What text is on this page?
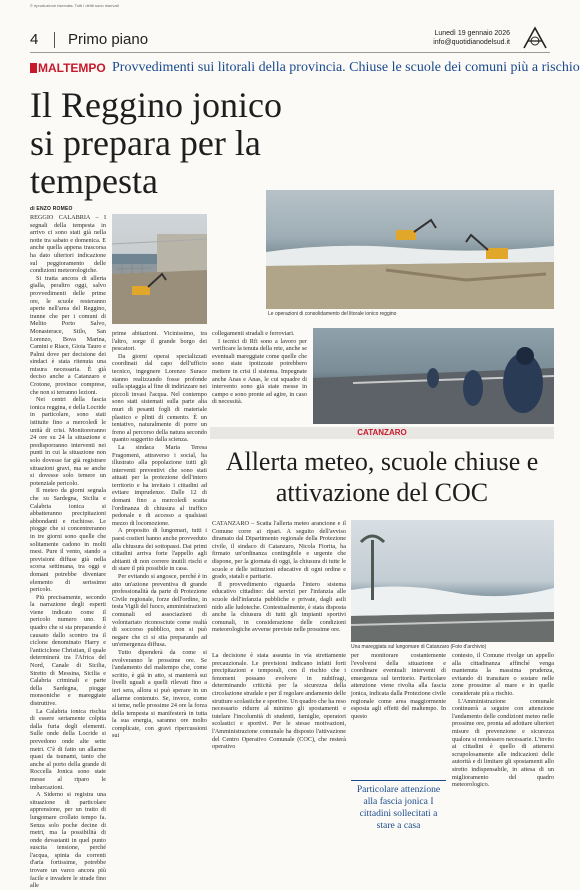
© riproduzione riservata. Tutti i diritti sono riservati
4 Primo piano	Lunedì 19 gennaio 2026
info@quotidianodelsud.it
MALTEMPO Provvedimenti sui litorali della provincia. Chiuse le scuole dei comuni più a rischio
Il Reggino jonico si prepara per la tempesta
di ENZO ROMEO

REGGIO CALABRIA – I segnali della tempesta in arrivo ci sono stati già nella notte tra sabato e domenica. E anche quella appena trascorsa ha dato ulteriori indicazione sul peggioramento delle condizioni meteorologiche.

Si tratta ancora di allerta gialla, peraltro oggi, salvo provvedimenti delle prime ore, le scuole resteranno aperte nell'area del Reggino, tranne che per i comuni di Melito Porto Salvo, Monasterace, Stilo, San Lorenzo, Bova Marina, Camini e Riace, Gioia Tauro e Palmi dove per decisione dei sindaci è stata ritenuta una misura necessaria. È già deciso anche a Catanzaro e Crotone, province comprese, che non si terranno lezioni.

Nei centri della fascia ionica reggina, e della Locride in particolare, sono stati istituite fino a mercoledì le unità di crisi. Monitoreranno 24 ore su 24 la situazione e predisporranno interventi nei punti in cui la situazione non solo dovesse far già registrare situazioni gravi, ma se anche si dovesse solo temere un potenziale pericolo.

Il meteo da giorni segnala che su Sardegna, Sicilia e Calabria ionica si abbatteranno precipitazioni abbondanti e rischiose. Le piogge che si concentreranno in tre giorni sono quelle che solitamente cadono in molti mesi. Pure il vento, stando a previsioni diffuse già nella scorsa settimana, tra oggi e domani potrebbe diventare elemento di serissimo pericolo.

Più precisamente, secondo la narrazione degli esperti viene indicato come il pericolo numero uno. Il quadro che si sta preparando è causato dallo scontro tra il ciclone denominato Harry e l'anticiclone Christian, il quale determinerà tra l'Africa del Nord, Canale di Sicilia, Stretto di Messina, Sicilia e Calabria criminali e parte della Sardegna, piogge monsoniche e mareggiate distruttive.

La Calabria ionica rischia di essere seriamente colpita dalla furia degli elementi. Sulle onde della Locride si prevedono onde alte sette metri. C'è di fatto un allarme quasi da tsunami, tanto che anche al porto della grande di Roccella Jonica sono state messe al riparo le imbarcazioni.

A Siderno si registra una situazione di particolare apprensione, per un tratto di lungomare crollato tempo fa. Senza solo poche decine di metri, ma la possibilità di onde devastanti in quel punto suscita tensione, perché l'acqua, spinta da correnti d'aria fortissime, potrebbe trovare un varco ancora più facile e invadere le strade fino alle

Le operazioni di consolidamento del litorale ionico reggino

prime abitazioni. Vicinissimo, tra l'altro, sorge il grande borgo dei pescatori.

Da giorni operai specializzati coordinati dal capo dell'ufficio tecnico, ingegnere Lorenzo Surace stanno realizzando fosse profonde sulla spiaggia al fine di indirizzare nei piccoli invasi l'acqua. Nel contempo sono stati sistemati sulla parte alta muri di pesanti fogli di materiale plastico e plinti di cemento. È un tentativo, naturalmente di porre un freno al percorso della natura secondo quanto suggerito dalla scienza.

La sindaca Maria Teresa Fragomeni, attraverso i social, ha illustrato alla popolazione tutti gli interventi preventivi che sono stati attuati per la protezione dell'intero territorio e ha invitato i cittadini ad evitare imprudenze. Dalle 12 di domani fino a mercoledì scatta l'ordinanza di chiusura al traffico pedonale e di accesso a qualsiasi mezzo di locomozione.

A proposito di lungomari, tutti i paesi costieri hanno anche provveduto alla chiusura dei sottopassi. Dai primi cittadini arriva forte l'appello agli abitanti di non correre inutili rischi e di stare il più possibile in casa.

Per evitando si angosce, perché è in atto un'azione preventiva di grande professionalità da parte di Protezione Civile regionale, forze dell'ordine, in testa Vigili del fuoco, amministrazioni comunali ed associazioni di volontariato riconosciute come realtà di soccorso pubblico, non si può negare che ci si stia preparando ad un'emergenza diffusa.

Tutto dipenderà da come si evolveranno le prossime ore. Se l'andamento del maltempo che, come scritto, è già in atto, si manterrà sui livelli uguali a quelli rilevati fino a ieri sera, allora si può sperare in un allarme contenuto. Se, invece, come si teme, nelle prossime 24 ore la forza della tempesta si manifesterà in tutta la sua energia, saranno ore molto complicate, con gravi ripercussioni sui

collegamenti stradali e ferroviari.

I tecnici di Rfi sono a lavoro per verificare la tenuta della rete, anche se eventuali mareggiate come quelle che sono state ipotizzate potrebbero mettere in crisi il sistema. Impegnate anche Anas e Anas, le cui squadre di intervento sono già state messe in campo e sono pronte ad agire, in caso di necessità.

CATANZARO
Allerta meteo, scuole chiuse e attivazione del COC

CATANZARO – Scatta l'allerta meteo arancione e il Comune corre ai ripari. A seguito dell'avviso diramato dal Dipartimento regionale della Protezione civile, il sindaco di Catanzaro, Nicola Fiorita, ha firmato un'ordinanza contingibile e urgente che dispone, per la giornata di oggi, la chiusura di tutte le scuole e delle istituzioni educative di ogni ordine e grado, statali e paritarie.

Il provvedimento riguarda l'intero sistema educativo cittadino: dai servizi per l'infanzia alle scuole dell'infanzia pubbliche e private, dagli asili nido alle ludoteche. Contestualmente, è stata disposta anche la chiusura di tutti gli impianti sportivi comunali, in considerazione delle condizioni meteorologiche avverse previste nelle prossime ore.

Una mareggiata sul lungomare di Catanzaro (Foto d'archivio)

La decisione è stata assunta in via strettamente precauzionale. Le previsioni indicano infatti forti precipitazioni e temporali, con il rischio che i fenomeni possano evolvere in nubifragi, determinando criticità per la sicurezza della circolazione stradale e per il regolare andamento delle strutture scolastiche e sportive. Un quadro che ha reso necessario ridurre al minimo gli spostamenti e tutelare l'incolumità di studenti, famiglie, operatori scolastici e sportivi. Per le stesse motivazioni, l'Amministrazione comunale ha disposto l'attivazione del Centro Operativo Comunale (COC), che resterà operativo

per monitorare costantemente l'evolversi della situazione e coordinare eventuali interventi di emergenza sul territorio. Particolare attenzione viene rivolta alla fascia jonica, indicata dalla Protezione civile regionale come area maggiormente esposta agli effetti del maltempo. In questo

Particolare attenzione alla fascia jonica I cittadini sollecitati a stare a casa

contesto, il Comune rivolge un appello alla cittadinanza affinché venga mantenuta la massima prudenza, evitando di transitare o sostare nelle zone prossime al mare e in quelle considerate più a rischio.

L'Amministrazione comunale continuerà a seguire con attenzione l'andamento delle condizioni meteo nelle prossime ore, pronta ad adottare ulteriori misure di prevenzione e sicurezza qualora si rendessero necessarie. L'invito ai cittadini è quello di attenersi scrupolosamente alle indicazioni delle autorità e di limitare gli spostamenti allo stretto indispensabile, in attesa di un miglioramento del quadro meteorologico.
